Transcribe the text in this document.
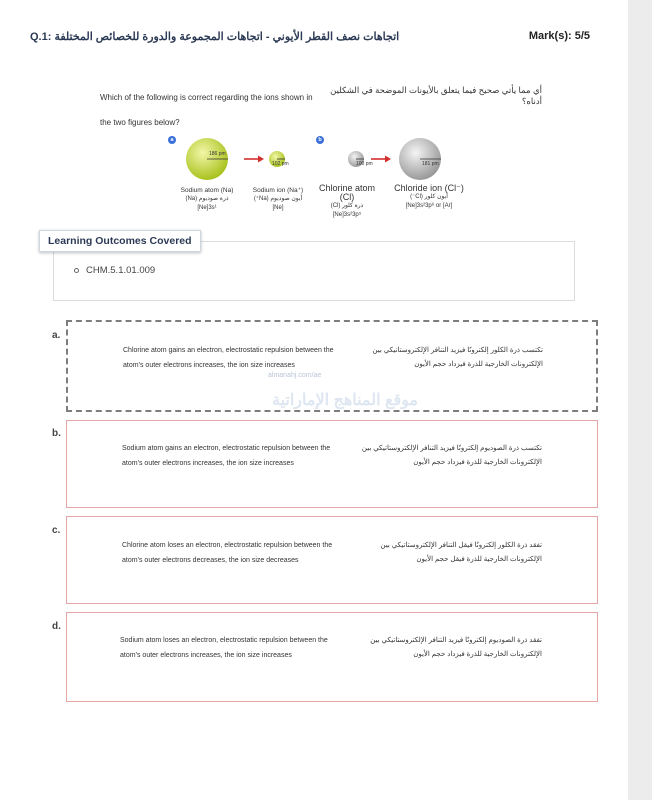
Q.1: اتجاهات نصف القطر الأيوني - اتجاهات المجموعة والدورة للخصائص المختلفة	Mark(s): 5/5
Which of the following is correct regarding the ions shown in the two figures below?
أي مما يأتي صحيح فيما يتعلق بالأيونات الموضحة في الشكلين أدناه؟
a	b
186 pm
102 pm	100 pm	181 pm
Sodium atom (Na)
ذرة صوديوم (Na)
[Ne]3s¹
Sodium ion (Na⁺)
أيون صوديوم (Na⁺)
[Ne]
Chlorine atom (Cl)
ذرة كلور (Cl)
[Ne]3s²3p⁵
Chloride ion (Cl⁻)
أيون كلور (Cl⁻)
[Ne]3s²3p⁶ or [Ar]
Learning Outcomes Covered
CHM.5.1.01.009
a.
Chlorine atom gains an electron, electrostatic repulsion between the atom’s outer electrons increases, the ion size increases
تكتسب ذرة الكلور إلكترونًا فيزيد التنافر الإلكتروستاتيكي بين الإلكترونات الخارجية للذرة فيزداد حجم الأيون
almanahj.com/ae
موقع المناهج الإماراتية
b.
Sodium atom gains an electron, electrostatic repulsion between the atom’s outer electrons increases, the ion size increases
تكتسب ذرة الصوديوم إلكترونًا فيزيد التنافر الإلكتروستاتيكي بين الإلكترونات الخارجية للذرة فيزداد حجم الأيون
c.
Chlorine atom loses an electron, electrostatic repulsion between the atom’s outer electrons decreases, the ion size decreases
تفقد ذرة الكلور إلكترونًا فيقل التنافر الإلكتروستاتيكي بين الإلكترونات الخارجية للذرة فيقل حجم الأيون
d.
Sodium atom loses an electron, electrostatic repulsion between the atom’s outer electrons increases, the ion size increases
تفقد ذرة الصوديوم إلكترونًا فيزيد التنافر الإلكتروستاتيكي بين الإلكترونات الخارجية للذرة فيزداد حجم الأيون
